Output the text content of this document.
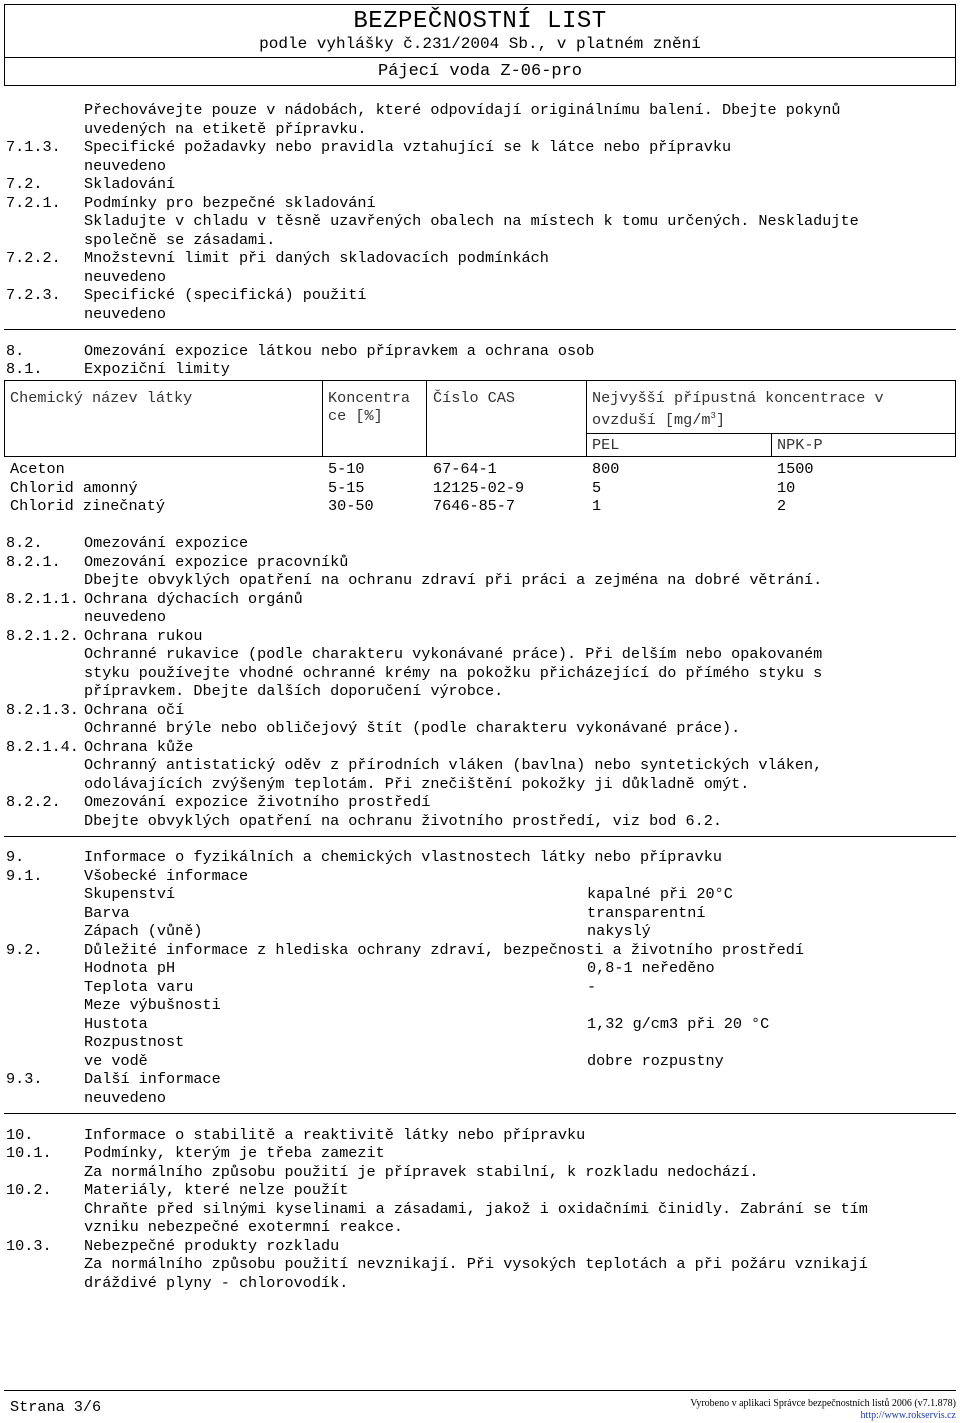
BEZPEČNOSTNÍ LIST
podle vyhlášky č.231/2004 Sb., v platném znění
Pájecí voda Z-06-pro
Přechovávejte pouze v nádobách, které odpovídají originálnímu balení. Dbejte pokynů
uvedených na etiketě přípravku.
7.1.3. Specifické požadavky nebo pravidla vztahující se k látce nebo přípravku
neuvedeno
7.2.	Skladování
7.2.1. Podmínky pro bezpečné skladování
Skladujte v chladu v těsně uzavřených obalech na místech k tomu určených. Neskladujte
společně se zásadami.
7.2.2. Množstevní limit při daných skladovacích podmínkách
neuvedeno
7.2.3. Specifické (specifická) použití
neuvedeno
8.	Omezování expozice látkou nebo přípravkem a ochrana osob
8.1.	Expoziční limity
Chemický název látky	Koncentra
ce [%]
Číslo CAS	Nejvyšší přípustná koncentrace v
ovzduší $[mg/m^3]$
PEL	NPK-P
Aceton	5-10	67-64-1	800	1500
Chlorid amonný	5-15	12125-02-9	5	10
Chlorid zinečnatý	30-50	7646-85-7	1	2
8.2.	Omezování expozice
8.2.1. Omezování expozice pracovníků
Dbejte obvyklých opatření na ochranu zdraví při práci a zejména na dobré větrání.
8.2.1.1. Ochrana dýchacích orgánů
neuvedeno
8.2.1.2. Ochrana rukou
Ochranné rukavice (podle charakteru vykonávané práce). Při delším nebo opakovaném
styku používejte vhodné ochranné krémy na pokožku přicházející do přímého styku s
přípravkem. Dbejte dalších doporučení výrobce.
8.2.1.3. Ochrana očí
Ochranné brýle nebo obličejový štít (podle charakteru vykonávané práce).
8.2.1.4. Ochrana kůže
Ochranný antistatický oděv z přírodních vláken (bavlna) nebo syntetických vláken,
odolávajících zvýšeným teplotám. Při znečištění pokožky ji důkladně omýt.
8.2.2. Omezování expozice životního prostředí
Dbejte obvyklých opatření na ochranu životního prostředí, viz bod 6.2.
9.	Informace o fyzikálních a chemických vlastnostech látky nebo přípravku
9.1.	Všobecké informace
Skupenství	kapalné při 20°C
Barva	transparentní
Zápach (vůně)	nakyslý
9.2.	Důležité informace z hlediska ochrany zdraví, bezpečnosti a životního prostředí
Hodnota pH	0,8-1 neředěno
Teplota varu	-
Meze výbušnosti
Hustota	1,32 g/cm3 při 20 °C
Rozpustnost
ve vodě	dobre rozpustny
9.3.	Další informace
neuvedeno
10.	Informace o stabilitě a reaktivitě látky nebo přípravku
10.1. Podmínky, kterým je třeba zamezit
Za normálního způsobu použití je přípravek stabilní, k rozkladu nedochází.
10.2. Materiály, které nelze použít
Chraňte před silnými kyselinami a zásadami, jakož i oxidačními činidly. Zabrání se tím
vzniku nebezpečné exotermní reakce.
10.3. Nebezpečné produkty rozkladu
Za normálního způsobu použití nevznikají. Při vysokých teplotách a při požáru vznikají
dráždivé plyny - chlorovodík.
Strana 3/6	Vyrobeno v aplikaci Správce bezpečnostních listů 2006 (v7.1.878)
http://www.rokservis.cz
